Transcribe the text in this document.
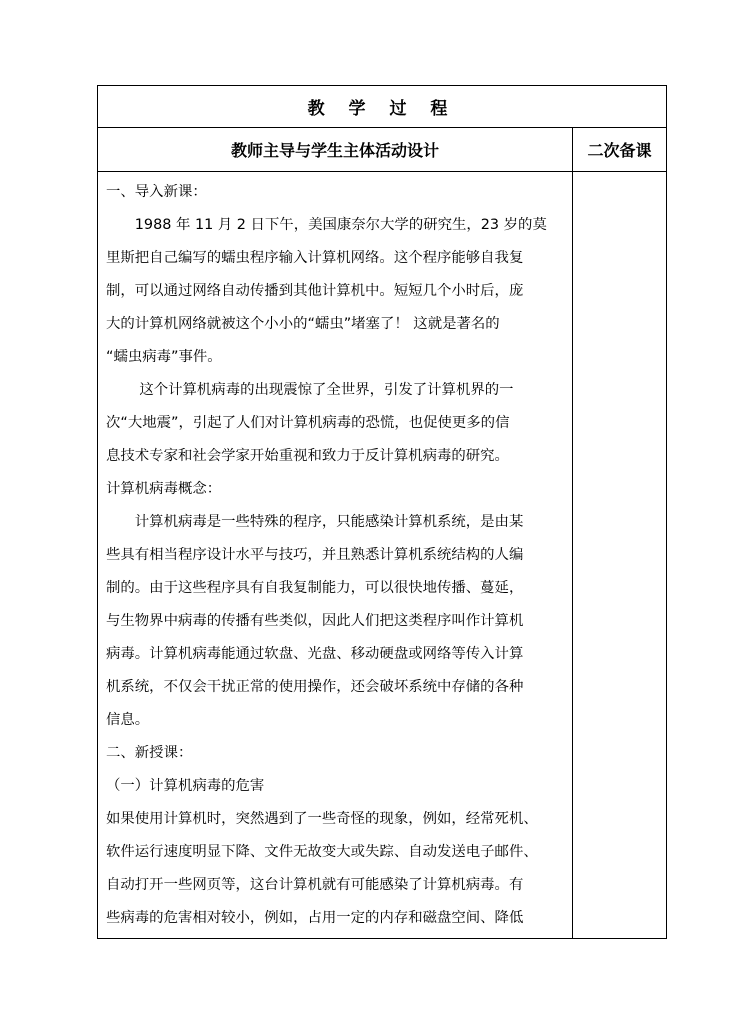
教 学 过 程
教师主导与学生主体活动设计	二次备课
一、导入新课：
　　1988 年 11 月 2 日下午，美国康奈尔大学的研究生，23 岁的莫
里斯把自己编写的蠕虫程序输入计算机网络。这个程序能够自我复
制，可以通过网络自动传播到其他计算机中。短短几个小时后，庞
大的计算机网络就被这个小小的“蠕虫”堵塞了！ 这就是著名的
“蠕虫病毒”事件。
　　 这个计算机病毒的出现震惊了全世界，引发了计算机界的一
次“大地震”，引起了人们对计算机病毒的恐慌，也促使更多的信
息技术专家和社会学家开始重视和致力于反计算机病毒的研究。
计算机病毒概念：
　　计算机病毒是一些特殊的程序，只能感染计算机系统，是由某
些具有相当程序设计水平与技巧，并且熟悉计算机系统结构的人编
制的。由于这些程序具有自我复制能力，可以很快地传播、蔓延，
与生物界中病毒的传播有些类似，因此人们把这类程序叫作计算机
病毒。计算机病毒能通过软盘、光盘、移动硬盘或网络等传入计算
机系统，不仅会干扰正常的使用操作，还会破坏系统中存储的各种
信息。
二、新授课：
（一）计算机病毒的危害
如果使用计算机时，突然遇到了一些奇怪的现象，例如，经常死机、
软件运行速度明显下降、文件无故变大或失踪、自动发送电子邮件、
自动打开一些网页等，这台计算机就有可能感染了计算机病毒。有
些病毒的危害相对较小，例如，占用一定的内存和磁盘空间、降低
